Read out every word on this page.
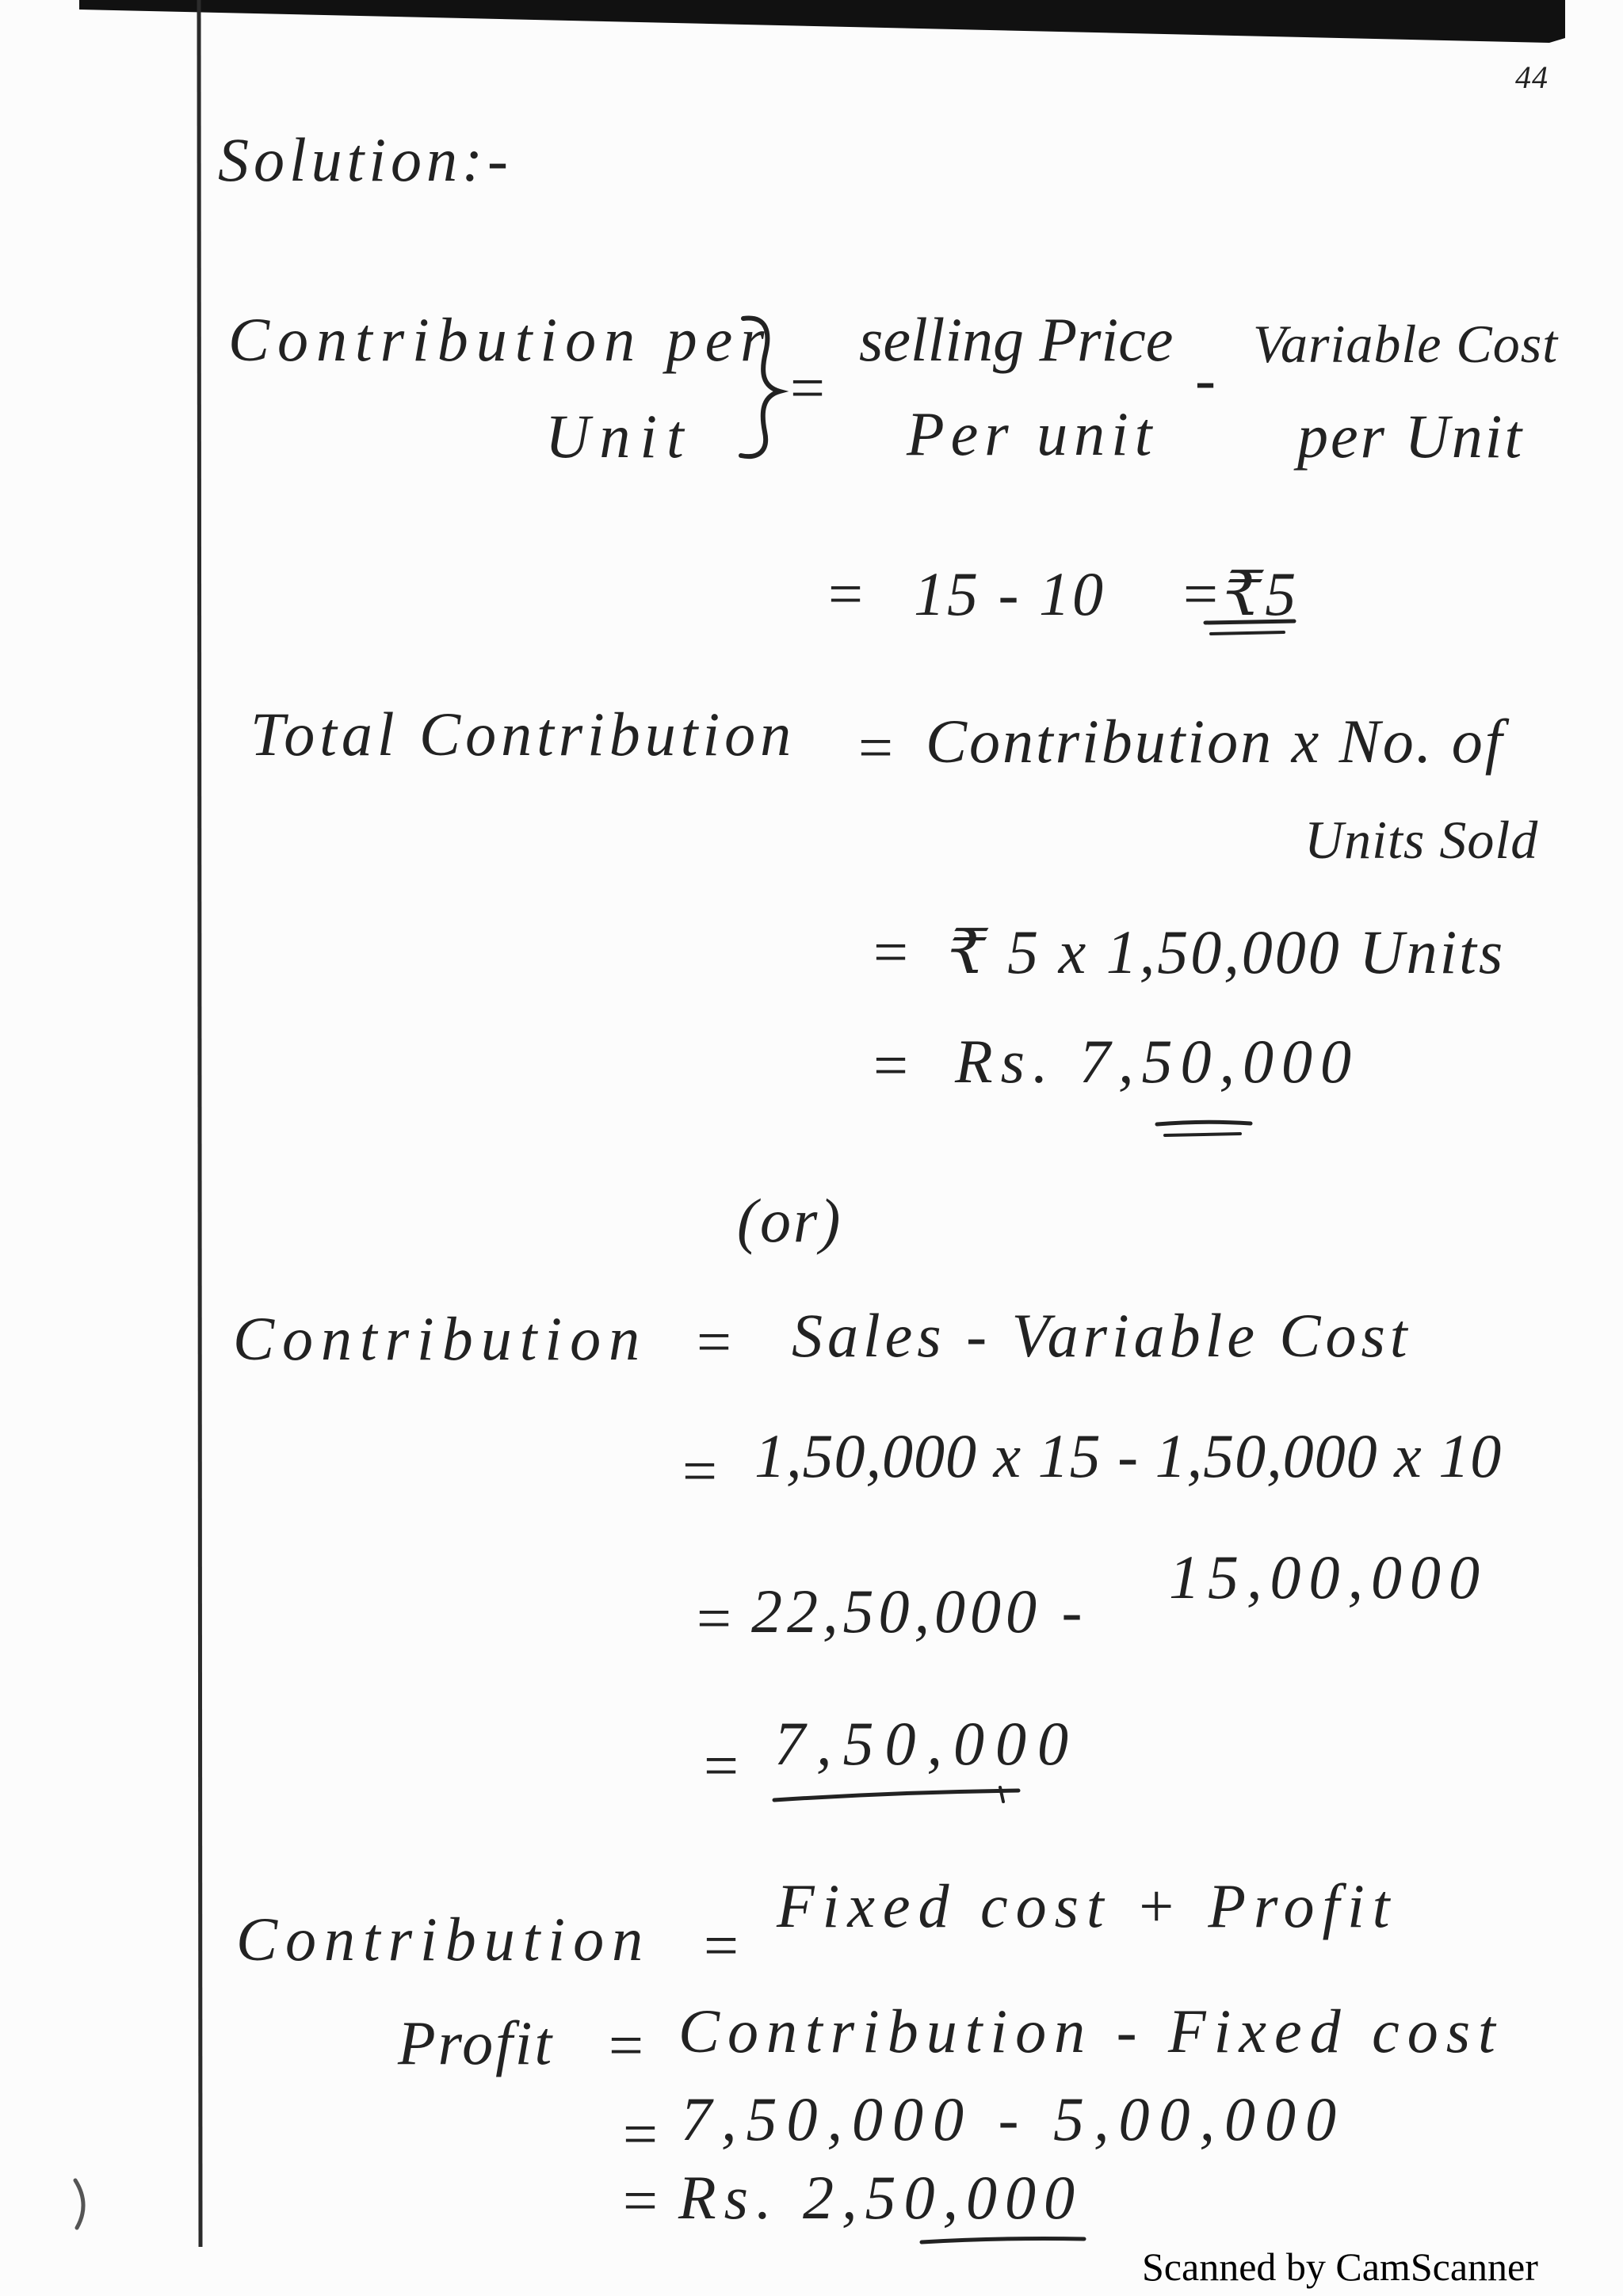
44
Solution:-
Contribution per
Unit
=
selling Price
Per unit
-
Variable Cost
per Unit
= 15 - 10 =₹5
Total Contribution = Contribution x No. of
Units Sold
= ₹ 5 x 1,50,000 Units
= Rs. 7,50,000
(or)
Contribution = Sales - Variable Cost
= 1,50,000 x 15 - 1,50,000 x 10
= 22,50,000 - 15,00,000
= 7,50,000
Contribution =
Fixed cost + Profit
Profit = Contribution - Fixed cost
= 7,50,000 - 5,00,000
= Rs. 2,50,000
Scanned by CamScanner
